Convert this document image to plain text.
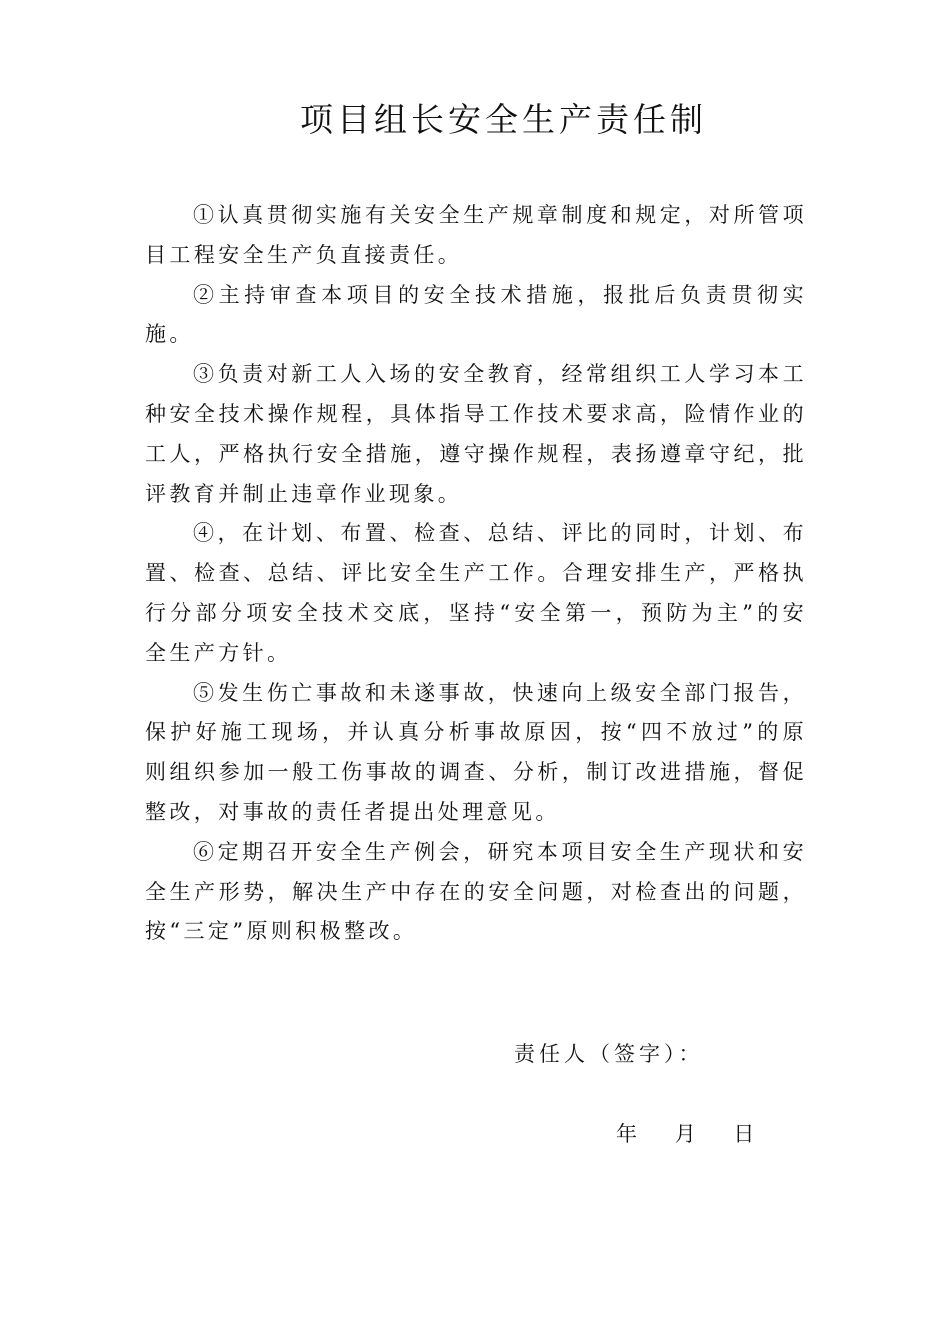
项目组长安全生产责任制

①认真贯彻实施有关安全生产规章制度和规定，对所管项目工程安全生产负直接责任。

②主持审查本项目的安全技术措施，报批后负责贯彻实施。

③负责对新工人入场的安全教育，经常组织工人学习本工种安全技术操作规程，具体指导工作技术要求高，险情作业的工人，严格执行安全措施，遵守操作规程，表扬遵章守纪，批评教育并制止违章作业现象。

④，在计划、布置、检查、总结、评比的同时，计划、布置、检查、总结、评比安全生产工作。合理安排生产，严格执行分部分项安全技术交底，坚持“安全第一，预防为主”的安全生产方针。

⑤发生伤亡事故和未遂事故，快速向上级安全部门报告，保护好施工现场，并认真分析事故原因，按“四不放过”的原则组织参加一般工伤事故的调查、分析，制订改进措施，督促整改，对事故的责任者提出处理意见。

⑥定期召开安全生产例会，研究本项目安全生产现状和安全生产形势，解决生产中存在的安全问题，对检查出的问题，按“三定”原则积极整改。

责任人（签字）：
年 月 日
